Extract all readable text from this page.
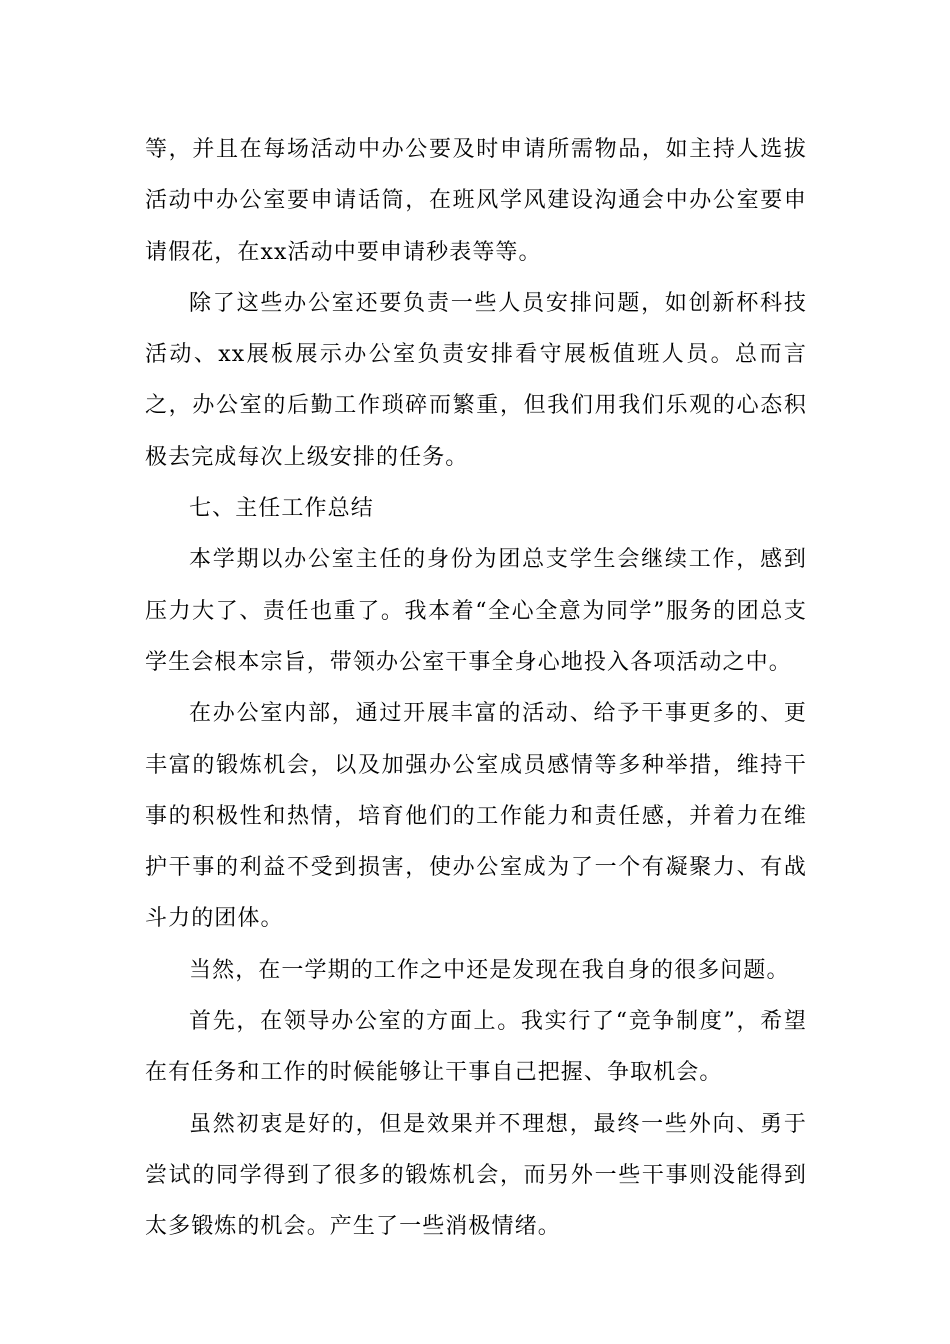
等，并且在每场活动中办公要及时申请所需物品，如主持人选拔活动中办公室要申请话筒，在班风学风建设沟通会中办公室要申请假花，在xx活动中要申请秒表等等。

除了这些办公室还要负责一些人员安排问题，如创新杯科技活动、xx展板展示办公室负责安排看守展板值班人员。总而言之，办公室的后勤工作琐碎而繁重，但我们用我们乐观的心态积极去完成每次上级安排的任务。

七、主任工作总结

本学期以办公室主任的身份为团总支学生会继续工作，感到压力大了、责任也重了。我本着“全心全意为同学”服务的团总支学生会根本宗旨，带领办公室干事全身心地投入各项活动之中。

在办公室内部，通过开展丰富的活动、给予干事更多的、更丰富的锻炼机会，以及加强办公室成员感情等多种举措，维持干事的积极性和热情，培育他们的工作能力和责任感，并着力在维护干事的利益不受到损害，使办公室成为了一个有凝聚力、有战斗力的团体。

当然，在一学期的工作之中还是发现在我自身的很多问题。

首先，在领导办公室的方面上。我实行了“竞争制度”，希望在有任务和工作的时候能够让干事自己把握、争取机会。

虽然初衷是好的，但是效果并不理想，最终一些外向、勇于尝试的同学得到了很多的锻炼机会，而另外一些干事则没能得到太多锻炼的机会。产生了一些消极情绪。
